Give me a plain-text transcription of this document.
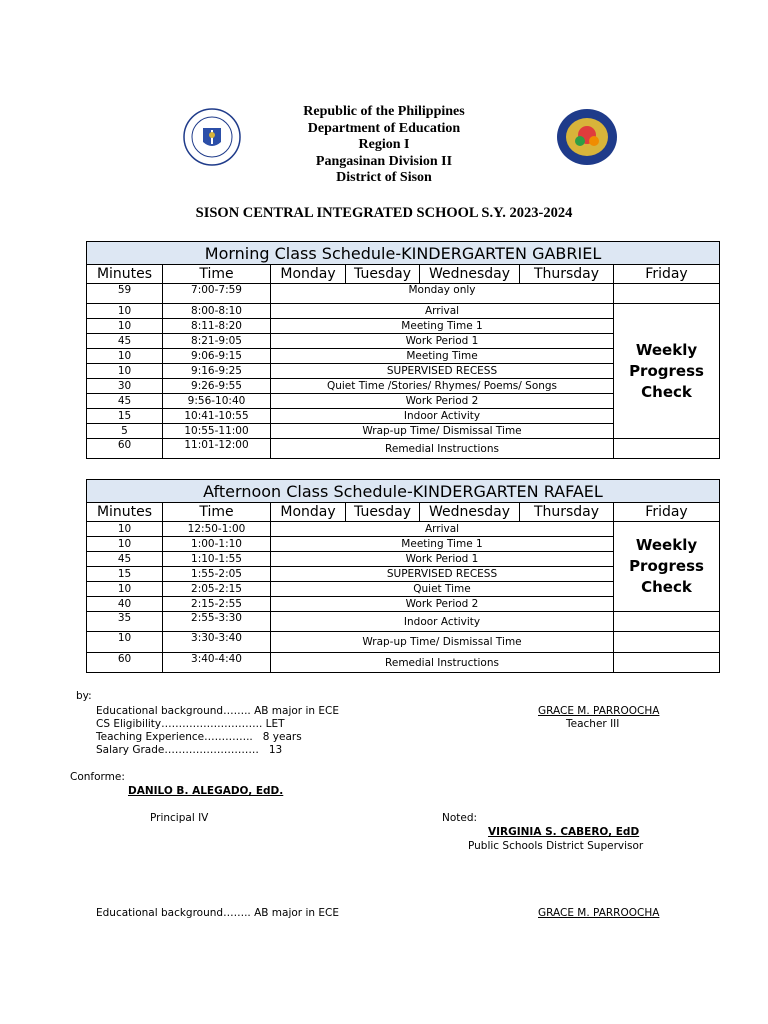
Republic of the Philippines
Department of Education
Region I
Pangasinan Division II
District of Sison
SISON CENTRAL INTEGRATED SCHOOL S.Y. 2023-2024
Morning Class Schedule-KINDERGARTEN GABRIEL						
Minutes	Time	Monday	Tuesday	Wednesday	Thursday	Friday
59	7:00-7:59	Monday only				
10	8:00-8:10	Arrival				Weekly
Progress
Check
10	8:11-8:20	Meeting Time 1				
45	8:21-9:05	Work Period 1				
10	9:06-9:15	Meeting Time				
10	9:16-9:25	SUPERVISED RECESS				
30	9:26-9:55	Quiet Time /Stories/ Rhymes/ Poems/ Songs				
45	9:56-10:40	Work Period 2				
15	10:41-10:55	Indoor Activity				
5	10:55-11:00	Wrap-up Time/ Dismissal Time				
60	11:01-12:00	Remedial Instructions				
Afternoon Class Schedule-KINDERGARTEN RAFAEL						
Minutes	Time	Monday	Tuesday	Wednesday	Thursday	Friday
10	12:50-1:00	Arrival				Weekly
Progress
Check
10	1:00-1:10	Meeting Time 1				
45	1:10-1:55	Work Period 1				
15	1:55-2:05	SUPERVISED RECESS				
10	2:05-2:15	Quiet Time				
40	2:15-2:55	Work Period 2				
35	2:55-3:30	Indoor Activity				
10	3:30-3:40	Wrap-up Time/ Dismissal Time				
60	3:40-4:40	Remedial Instructions				
by:
Educational background…….. AB major in ECE
CS Eligibility……………………….. LET
Teaching Experience…………..   8 years
Salary Grade………………………   13
GRACE M. PARROOCHA
Teacher III
Conforme:
DANILO B. ALEGADO, EdD.
Principal IV	Noted:
VIRGINIA S. CABERO, EdD
Public Schools District Supervisor
Educational background…….. AB major in ECE	GRACE M. PARROOCHA
